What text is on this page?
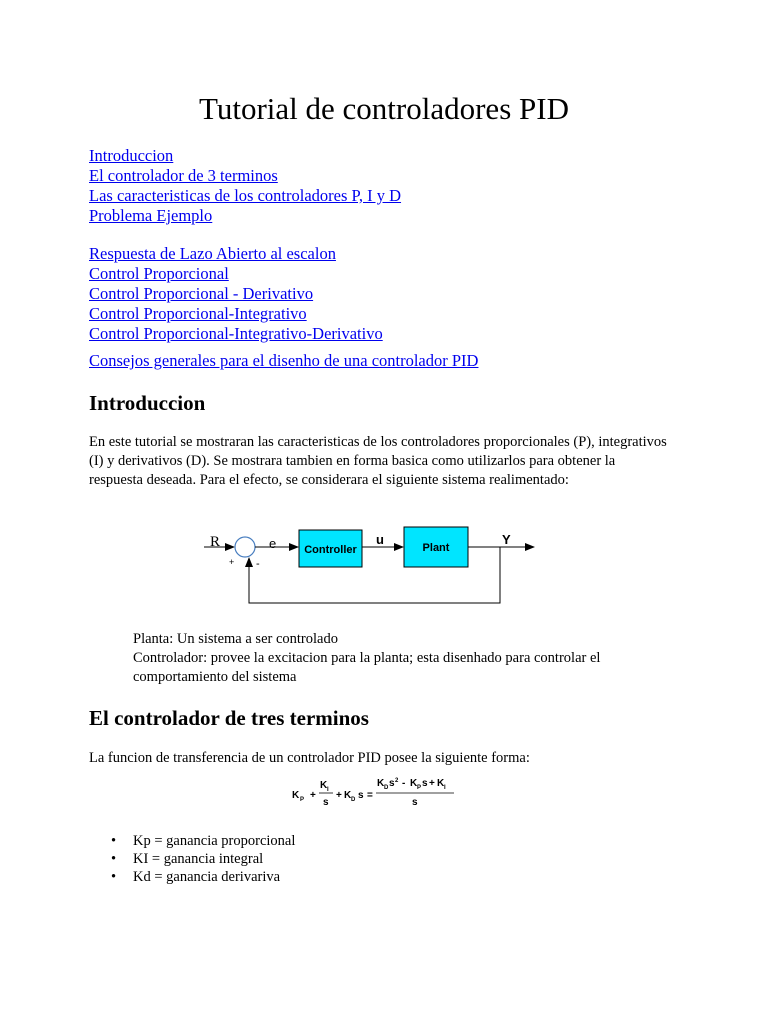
Tutorial de controladores PID
Introduccion
El controlador de 3 terminos
Las caracteristicas de los controladores P, I y D
Problema Ejemplo
Respuesta de Lazo Abierto al escalon
Control Proporcional
Control Proporcional - Derivativo
Control Proporcional-Integrativo
Control Proporcional-Integrativo-Derivativo
Consejos generales para el disenho de una controlador PID
Introduccion

En este tutorial se mostraran las caracteristicas de los controladores proporcionales (P), integrativos (I) y derivativos (D). Se mostrara tambien en forma basica como utilizarlos para obtener la respuesta deseada. Para el efecto, se considerara el siguiente sistema realimentado:

R	e	u	Y
+ -
Controller	Plant

Planta: Un sistema a ser controlado
Controlador: provee la excitacion para la planta; esta disenhado para controlar el comportamiento del sistema

El controlador de tres terminos

La funcion de transferencia de un controlador PID posee la siguiente forma:

K P +
K I
s
+ K D s =
K D s 2 - K P s + K I
s
• Kp = ganancia proporcional
• KI = ganancia integral
• Kd = ganancia derivariva
